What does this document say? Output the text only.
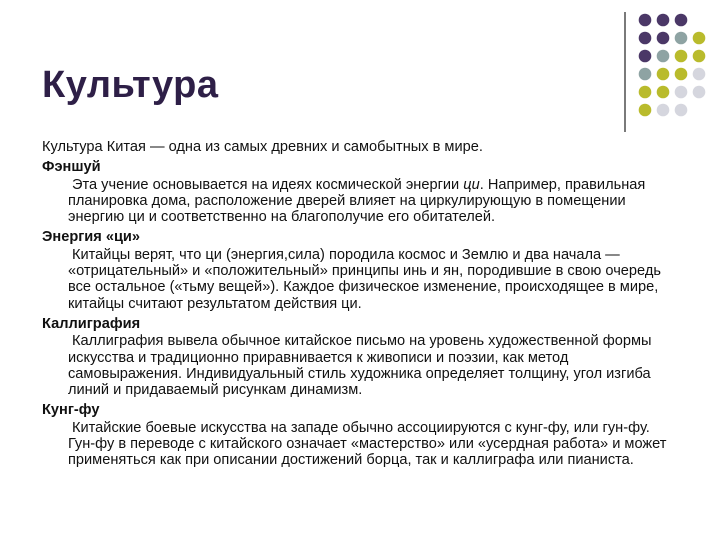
Культура

Культура Китая — одна из самых древних и самобытных в мире.

Фэншуй
Эта учение основывается на идеях космической энергии ци. Например, правильная планировка дома, расположение дверей влияет на циркулирующую в помещении энергию ци и соответственно на благополучие его обитателей.
Энергия «ци»
Китайцы верят, что ци (энергия,сила) породила космос и Землю и два начала — «отрицательный» и «положительный» принципы инь и ян, породившие в свою очередь все остальное («тьму вещей»). Каждое физическое изменение, происходящее в мире, китайцы считают результатом действия ци.
Каллиграфия
Каллиграфия вывела обычное китайское письмо на уровень художественной формы искусства и традиционно приравнивается к живописи и поэзии, как метод самовыражения. Индивидуальный стиль художника определяет толщину, угол изгиба линий и придаваемый рисункам динамизм.
Кунг-фу
Китайские боевые искусства на западе обычно ассоциируются с кунг-фу, или гун-фу. Гун-фу в переводе с китайского означает «мастерство» или «усердная работа» и может применяться как при описании достижений борца, так и каллиграфа или пианиста.
